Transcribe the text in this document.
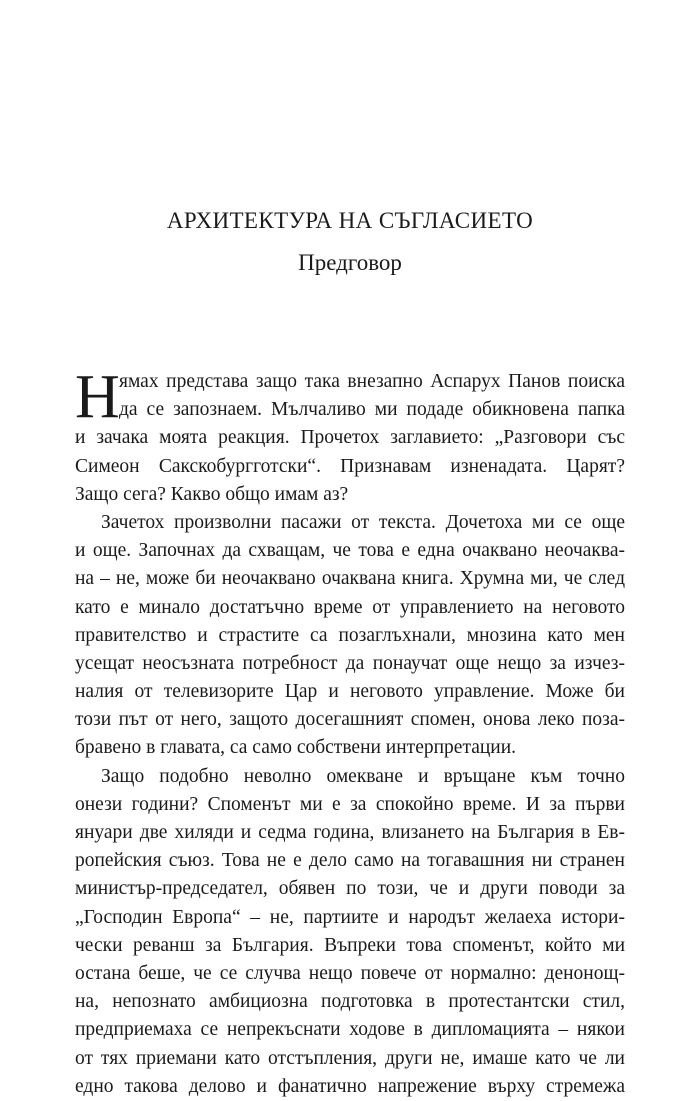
АРХИТЕКТУРА НА СЪГЛАСИЕТО
Предговор
Н ямах представа защо така внезапно Аспарух Панов поиска
да се запознаем. Мълчаливо ми подаде обикновена папка
и зачака моята реакция. Прочетох заглавието: „Разговори със
Симеон Сакскобургготски“. Признавам изненадата. Царят?
Защо сега? Какво общо имам аз?
Зачетох произволни пасажи от текста. Дочетоха ми се още
и още. Започнах да схващам, че това е една очаквано неочаква-
на – не, може би неочаквано очаквана книга. Хрумна ми, че след
като е минало достатъчно време от управлението на неговото
правителство и страстите са позаглъхнали, мнозина като мен
усещат неосъзната потребност да понаучат още нещо за изчез-
налия от телевизорите Цар и неговото управление. Може би
този път от него, защото досегашният спомен, онова леко поза-
бравено в главата, са само собствени интерпретации.
Защо подобно неволно омекване и връщане към точно
онези години? Споменът ми е за спокойно време. И за първи
януари две хиляди и седма година, влизането на България в Ев-
ропейския съюз. Това не е дело само на тогавашния ни странен
министър-председател, обявен по този, че и други поводи за
„Господин Европа“ – не, партиите и народът желаеха истори-
чески реванш за България. Въпреки това споменът, който ми
остана беше, че се случва нещо повече от нормално: денонощ-
на, непознато амбициозна подготовка в протестантски стил,
предприемаха се непрекъснати ходове в дипломацията – някои
от тях приемани като отстъпления, други не, имаше като че ли
едно такова делово и фанатично напрежение върху стремежа
